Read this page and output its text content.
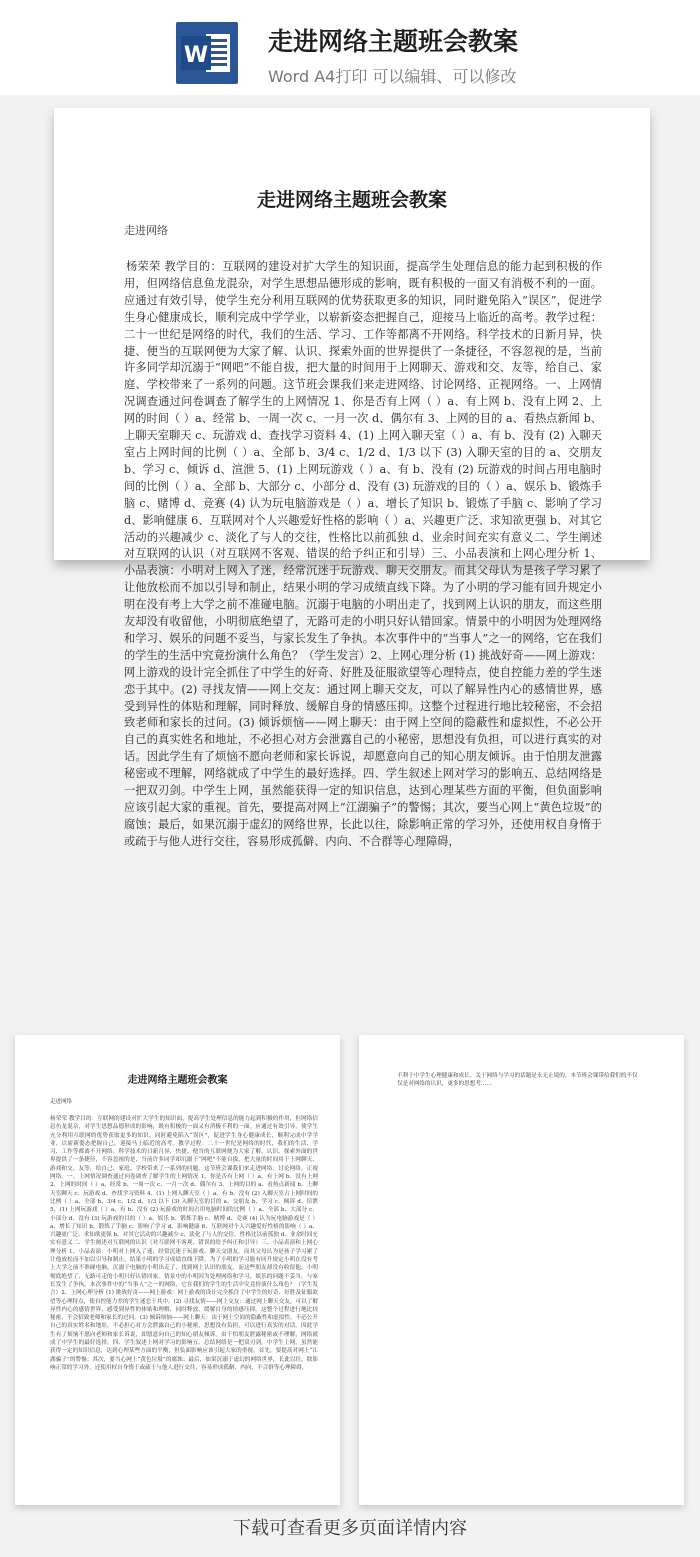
W 走进网络主题班会教案
Word A4打印 可以编辑、可以修改
走进网络主题班会教案
走进网络
杨荣荣 教学目的：互联网的建设对扩大学生的知识面，提高学生处理信息的能力起到积极的作用，但网络信息鱼龙混杂，对学生思想品德形成的影响，既有积极的一面又有消极不利的一面。应通过有效引导，使学生充分利用互联网的优势获取更多的知识，同时避免陷入“误区”，促进学生身心健康成长，顺利完成中学学业，以崭新姿态把握自己，迎接马上临近的高考。教学过程：二十一世纪是网络的时代，我们的生活、学习、工作等都离不开网络。科学技术的日新月异，快捷、便当的互联网便为大家了解、认识、探索外面的世界提供了一条捷径，不容忽视的是，当前许多同学却沉溺于“网吧”不能自拔，把大量的时间用于上网聊天、游戏和交、友等，给自己、家庭、学校带来了一系列的问题。这节班会课我们来走进网络、讨论网络、正视网络。一、上网情况调查通过问卷调查了解学生的上网情况 1、你是否有上网（ ）a、有上网 b、没有上网 2、上网的时间（ ）a、经常 b、一周一次 c、一月一次 d、偶尔有 3、上网的目的 a、看热点新闻 b、上聊天室聊天 c、玩游戏 d、查找学习资料 4、(1) 上网入聊天室（ ）a、有 b、没有 (2) 入聊天室占上网时间的比例（ ）a、全部 b、3/4 c、1/2 d、1/3 以下 (3) 入聊天室的目的 a、交朋友 b、学习 c、倾诉 d、渲泄 5、(1) 上网玩游戏（ ）a、有 b、没有 (2) 玩游戏的时间占用电脑时间的比例（ ）a、全部 b、大部分 c、小部分 d、没有 (3) 玩游戏的目的（ ）a、娱乐 b、锻炼手脑 c、赌博 d、竞赛 (4) 认为玩电脑游戏是（ ）a、增长了知识 b、锻炼了手脑 c、影响了学习 d、影响健康 6、互联网对个人兴趣爱好性格的影响（ ）a、兴趣更广泛、求知欲更强 b、对其它活动的兴趣减少 c、淡化了与人的交往，性格比以前孤独 d、业余时间充实有意义二、学生阐述对互联网的认识（对互联网不客观、错误的给予纠正和引导）三、小品表演和上网心理分析 1、小品表演：小明对上网入了迷，经常沉迷于玩游戏、聊天交朋友。而其父母认为是孩子学习累了让他放松而不加以引导和制止，结果小明的学习成绩直线下降。为了小明的学习能有回升规定小明在没有考上大学之前不准碰电脑。沉溺于电脑的小明出走了，找到网上认识的朋友，而这些朋友却没有收留他，小明彻底绝望了，无路可走的小明只好认错回家。情景中的小明因为处理网络和学习、娱乐的问题不妥当，与家长发生了争执。本次事件中的“当事人”之一的网络，它在我们的学生的生活中究竟扮演什么角色？（学生发言）2、上网心理分析 (1) 挑战好奇——网上游戏：网上游戏的设计完全抓住了中学生的好奇、好胜及征服欲望等心理特点，使自控能力差的学生迷恋于其中。(2) 寻找友情——网上交友：通过网上聊天交友，可以了解异性内心的感情世界，感受到异性的体贴和理解，同时释放、缓解自身的情感压抑。这整个过程进行地比较秘密，不会招致老师和家长的过问。(3) 倾诉烦恼——网上聊天：由于网上空间的隐蔽性和虚拟性，不必公开自己的真实姓名和地址，不必担心对方会泄露自己的小秘密，思想没有负担，可以进行真实的对话。因此学生有了烦恼不愿向老师和家长诉说，却愿意向自己的知心朋友倾诉。由于怕朋友泄露秘密或不理解，网络就成了中学生的最好选择。四、学生叙述上网对学习的影响五、总结网络是一把双刃剑。中学生上网，虽然能获得一定的知识信息，达到心理某些方面的平衡，但负面影响应该引起大家的重视。首先，要提高对网上“江湖骗子”的警惕；其次，要当心网上“黄色垃圾”的腐蚀；最后，如果沉溺于虚幻的网络世界，长此以往，除影响正常的学习外，还使用权自身惰于或疏于与他人进行交往，容易形成孤僻、内向、不合群等心理障碍，
走进网络主题班会教案
走进网络
杨荣荣 教学目的：互联网的建设对扩大学生的知识面，提高学生处理信息的能力起到积极的作用，但网络信息鱼龙混杂，对学生思想品德形成的影响，既有积极的一面又有消极不利的一面。应通过有效引导，使学生充分利用互联网的优势获取更多的知识，同时避免陷入“误区”，促进学生身心健康成长，顺利完成中学学业，以崭新姿态把握自己，迎接马上临近的高考。教学过程：二十一世纪是网络的时代，我们的生活、学习、工作等都离不开网络。科学技术的日新月异，快捷、便当的互联网便为大家了解、认识、探索外面的世界提供了一条捷径，不容忽视的是，当前许多同学却沉溺于“网吧”不能自拔，把大量的时间用于上网聊天、游戏和交、友等，给自己、家庭、学校带来了一系列的问题。这节班会课我们来走进网络、讨论网络、正视网络。一、上网情况调查通过问卷调查了解学生的上网情况 1、你是否有上网（ ）a、有上网 b、没有上网 2、上网的时间（ ）a、经常 b、一周一次 c、一月一次 d、偶尔有 3、上网的目的 a、看热点新闻 b、上聊天室聊天 c、玩游戏 d、查找学习资料 4、(1) 上网入聊天室（ ）a、有 b、没有 (2) 入聊天室占上网时间的比例（ ）a、全部 b、3/4 c、1/2 d、1/3 以下 (3) 入聊天室的目的 a、交朋友 b、学习 c、倾诉 d、渲泄 5、(1) 上网玩游戏（ ）a、有 b、没有 (2) 玩游戏的时间占用电脑时间的比例（ ）a、全部 b、大部分 c、小部分 d、没有 (3) 玩游戏的目的（ ）a、娱乐 b、锻炼手脑 c、赌博 d、竞赛 (4) 认为玩电脑游戏是（ ）a、增长了知识 b、锻炼了手脑 c、影响了学习 d、影响健康 6、互联网对个人兴趣爱好性格的影响（ ）a、兴趣更广泛、求知欲更强 b、对其它活动的兴趣减少 c、淡化了与人的交往，性格比以前孤独 d、业余时间充实有意义二、学生阐述对互联网的认识（对互联网不客观、错误的给予纠正和引导）三、小品表演和上网心理分析 1、小品表演：小明对上网入了迷，经常沉迷于玩游戏、聊天交朋友。而其父母认为是孩子学习累了让他放松而不加以引导和制止，结果小明的学习成绩直线下降。为了小明的学习能有回升规定小明在没有考上大学之前不准碰电脑。沉溺于电脑的小明出走了，找到网上认识的朋友，而这些朋友却没有收留他，小明彻底绝望了，无路可走的小明只好认错回家。情景中的小明因为处理网络和学习、娱乐的问题不妥当，与家长发生了争执。本次事件中的“当事人”之一的网络，它在我们的学生的生活中究竟扮演什么角色？（学生发言）2、上网心理分析 (1) 挑战好奇——网上游戏：网上游戏的设计完全抓住了中学生的好奇、好胜及征服欲望等心理特点，使自控能力差的学生迷恋于其中。(2) 寻找友情——网上交友：通过网上聊天交友，可以了解异性内心的感情世界，感受到异性的体贴和理解，同时释放、缓解自身的情感压抑。这整个过程进行地比较秘密，不会招致老师和家长的过问。(3) 倾诉烦恼——网上聊天：由于网上空间的隐蔽性和虚拟性，不必公开自己的真实姓名和地址，不必担心对方会泄露自己的小秘密，思想没有负担，可以进行真实的对话。因此学生有了烦恼不愿向老师和家长诉说，却愿意向自己的知心朋友倾诉。由于怕朋友泄露秘密或不理解，网络就成了中学生的最好选择。四、学生叙述上网对学习的影响五、总结网络是一把双刃剑。中学生上网，虽然能获得一定的知识信息，达到心理某些方面的平衡，但负面影响应该引起大家的重视。首先，要提高对网上“江湖骗子”的警惕；其次，要当心网上“黄色垃圾”的腐蚀；最后，如果沉溺于虚幻的网络世界，长此以往，除影响正常的学习外，还使用权自身惰于或疏于与他人进行交往，容易形成孤僻、内向、不合群等心理障碍，
不利于中学生心理健康和成长。关于网络与学习的话题是永无止境的，本节班会课带给我们的不仅仅是对网络的认识，更多的思想考……
下载可查看更多页面详情内容
